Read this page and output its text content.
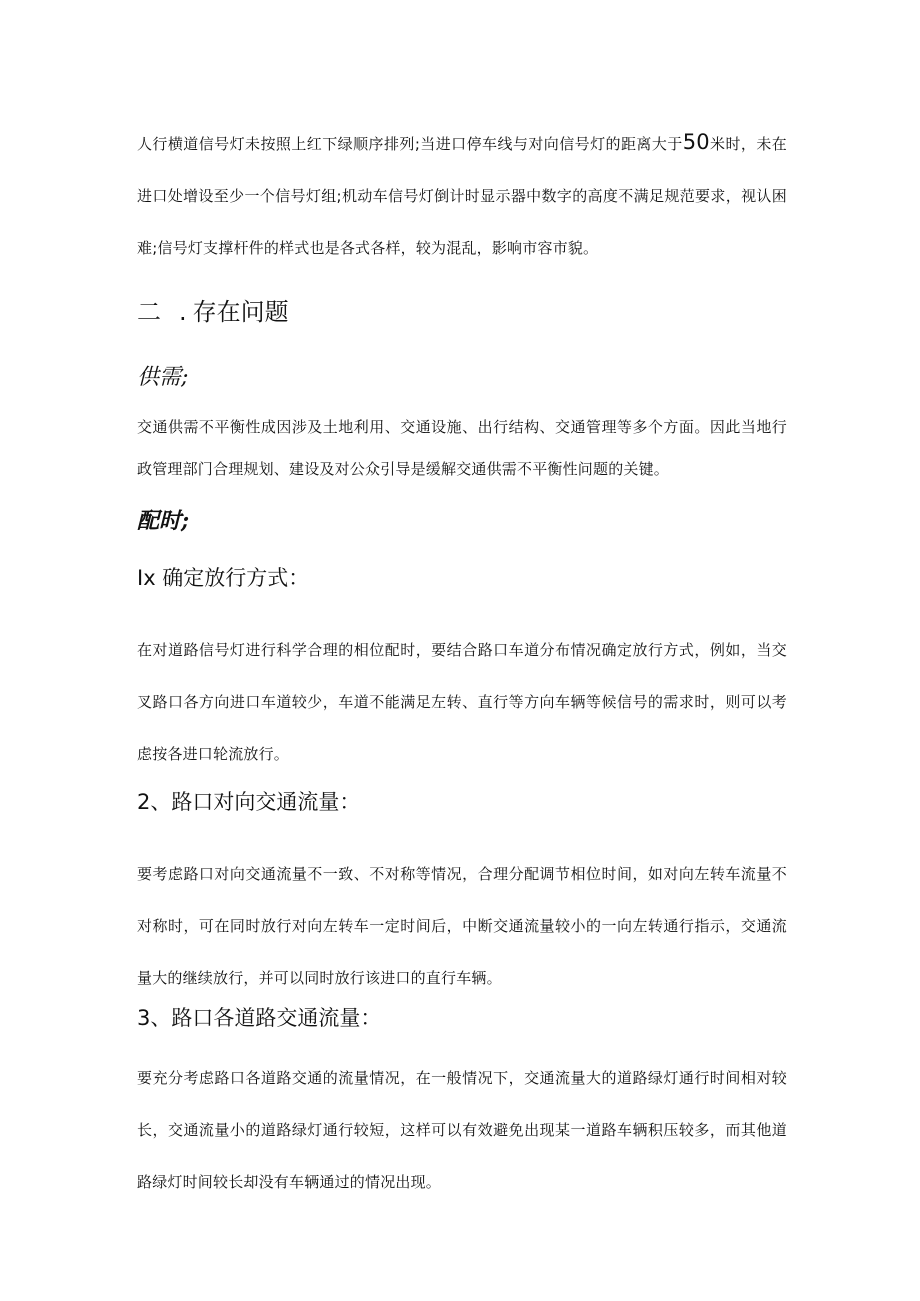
人行横道信号灯未按照上红下绿顺序排列;当进口停车线与对向信号灯的距离大于50米时，未在进口处增设至少一个信号灯组;机动车信号灯倒计时显示器中数字的高度不满足规范要求，视认困难;信号灯支撑杆件的样式也是各式各样，较为混乱，影响市容市貌。

二 . 存在问题
供需;

交通供需不平衡性成因涉及土地利用、交通设施、出行结构、交通管理等多个方面。因此当地行政管理部门合理规划、建设及对公众引导是缓解交通供需不平衡性问题的关键。

配时;
Ix 确定放行方式：

在对道路信号灯进行科学合理的相位配时，要结合路口车道分布情况确定放行方式，例如，当交叉路口各方向进口车道较少，车道不能满足左转、直行等方向车辆等候信号的需求时，则可以考虑按各进口轮流放行。

2、路口对向交通流量：

要考虑路口对向交通流量不一致、不对称等情况，合理分配调节相位时间，如对向左转车流量不对称时，可在同时放行对向左转车一定时间后，中断交通流量较小的一向左转通行指示，交通流量大的继续放行，并可以同时放行该进口的直行车辆。

3、路口各道路交通流量：

要充分考虑路口各道路交通的流量情况，在一般情况下，交通流量大的道路绿灯通行时间相对较长，交通流量小的道路绿灯通行较短，这样可以有效避免出现某一道路车辆积压较多，而其他道路绿灯时间较长却没有车辆通过的情况出现。
